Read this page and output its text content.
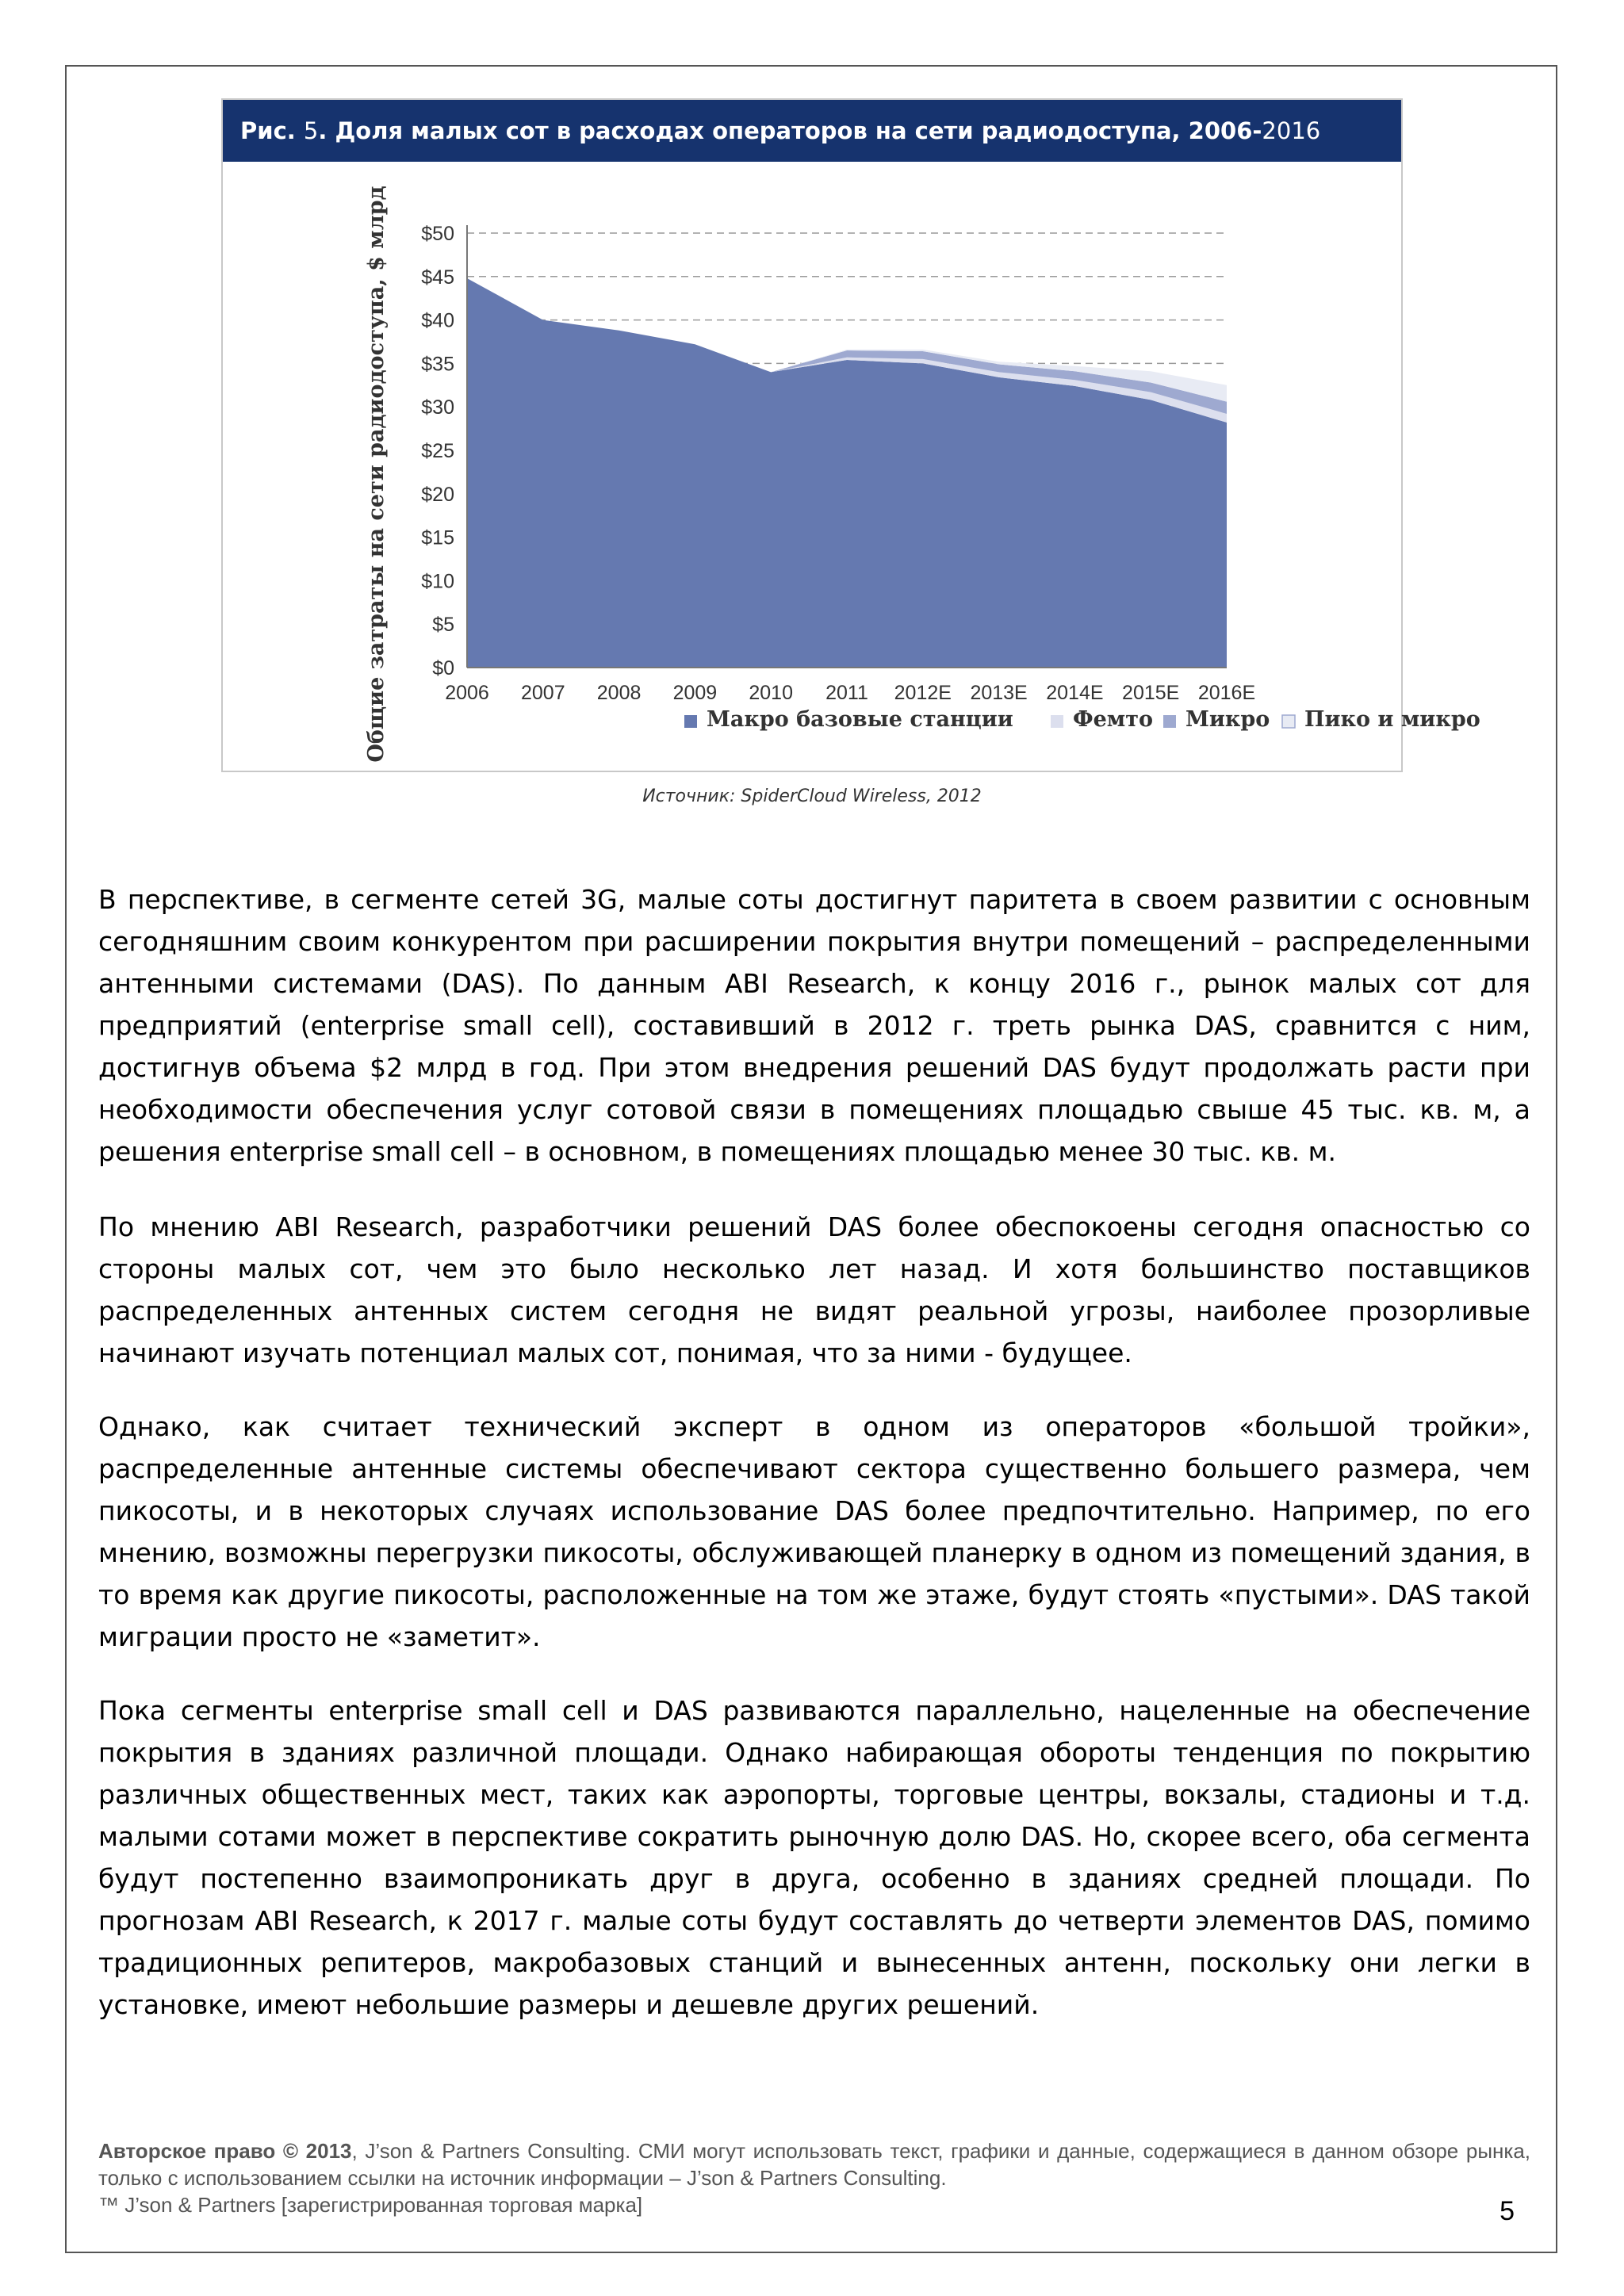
Рис. 5. Доля малых сот в расходах операторов на сети радиодоступа, 2006-2016
$0
$5
$10
$15
$20
$25
$30
$35
$40
$45
$50
2006 2007 2008 2009 2010 2011 2012E 2013E 2014E 2015E 2016E
Общие затраты на сети радиодоступа, $ млрд	Макро базовые станции	Фемто Микро Пико и микро
Источник: SpiderCloud Wireless, 2012

В перспективе, в сегменте сетей 3G, малые соты достигнут паритета в своем развитии с основным сегодняшним своим конкурентом при расширении покрытия внутри помещений – распределенными антенными системами (DAS). По данным ABI Research, к концу 2016 г., рынок малых сот для предприятий (enterprise small cell), составивший в 2012 г. треть рынка DAS, сравнится с ним, достигнув объема $2 млрд в год. При этом внедрения решений DAS будут продолжать расти при необходимости обеспечения услуг сотовой связи в помещениях площадью свыше 45 тыс. кв. м, а решения enterprise small cell – в основном, в помещениях площадью менее 30 тыс. кв. м.

По мнению ABI Research, разработчики решений DAS более обеспокоены сегодня опасностью со стороны малых сот, чем это было несколько лет назад. И хотя большинство поставщиков распределенных антенных систем сегодня не видят реальной угрозы, наиболее прозорливые начинают изучать потенциал малых сот, понимая, что за ними - будущее.

Однако, как считает технический эксперт в одном из операторов «большой тройки», распределенные антенные системы обеспечивают сектора существенно большего размера, чем пикосоты, и в некоторых случаях использование DAS более предпочтительно. Например, по его мнению, возможны перегрузки пикосоты, обслуживающей планерку в одном из помещений здания, в то время как другие пикосоты, расположенные на том же этаже, будут стоять «пустыми». DAS такой миграции просто не «заметит».

Пока сегменты enterprise small cell и DAS развиваются параллельно, нацеленные на обеспечение покрытия в зданиях различной площади. Однако набирающая обороты тенденция по покрытию различных общественных мест, таких как аэропорты, торговые центры, вокзалы, стадионы и т.д. малыми сотами может в перспективе сократить рыночную долю DAS. Но, скорее всего, оба сегмента будут постепенно взаимопроникать друг в друга, особенно в зданиях средней площади. По прогнозам ABI Research, к 2017 г. малые соты будут составлять до четверти элементов DAS, помимо традиционных репитеров, макробазовых станций и вынесенных антенн, поскольку они легки в установке, имеют небольшие размеры и дешевле других решений.

Авторское право © 2013, J’son & Partners Consulting. СМИ могут использовать текст, графики и данные, содержащиеся в данном обзоре рынка, только с использованием ссылки на источник информации – J’son & Partners Consulting.

™ J’son & Partners [зарегистрированная торговая марка]	5
